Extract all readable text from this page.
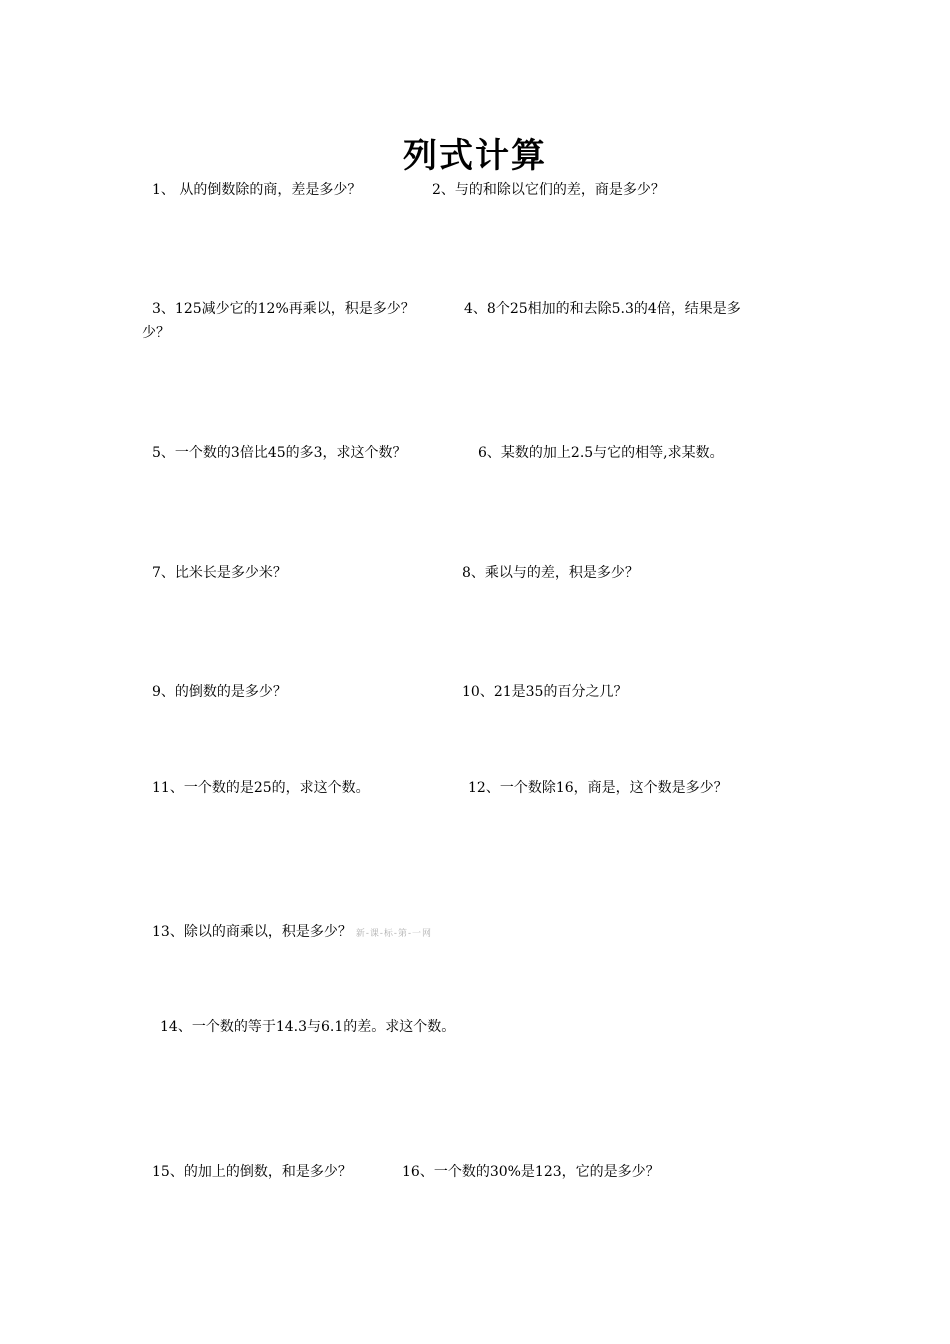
列式计算
1、 从的倒数除的商，差是多少？	2、与的和除以它们的差，商是多少？
3、125减少它的12%再乘以，积是多少？	4、8个25相加的和去除5.3的4倍，结果是多
少？
5、一个数的3倍比45的多3，求这个数？	6、某数的加上2.5与它的相等,求某数。
7、比米长是多少米？	8、乘以与的差，积是多少？
9、的倒数的是多少？	10、21是35的百分之几？
11、一个数的是25的，求这个数。	12、一个数除16，商是，这个数是多少？
13、除以的商乘以，积是多少？ 新-课-标-第-一网
14、一个数的等于14.3与6.1的差。求这个数。
15、的加上的倒数，和是多少？	16、一个数的30%是123，它的是多少？
